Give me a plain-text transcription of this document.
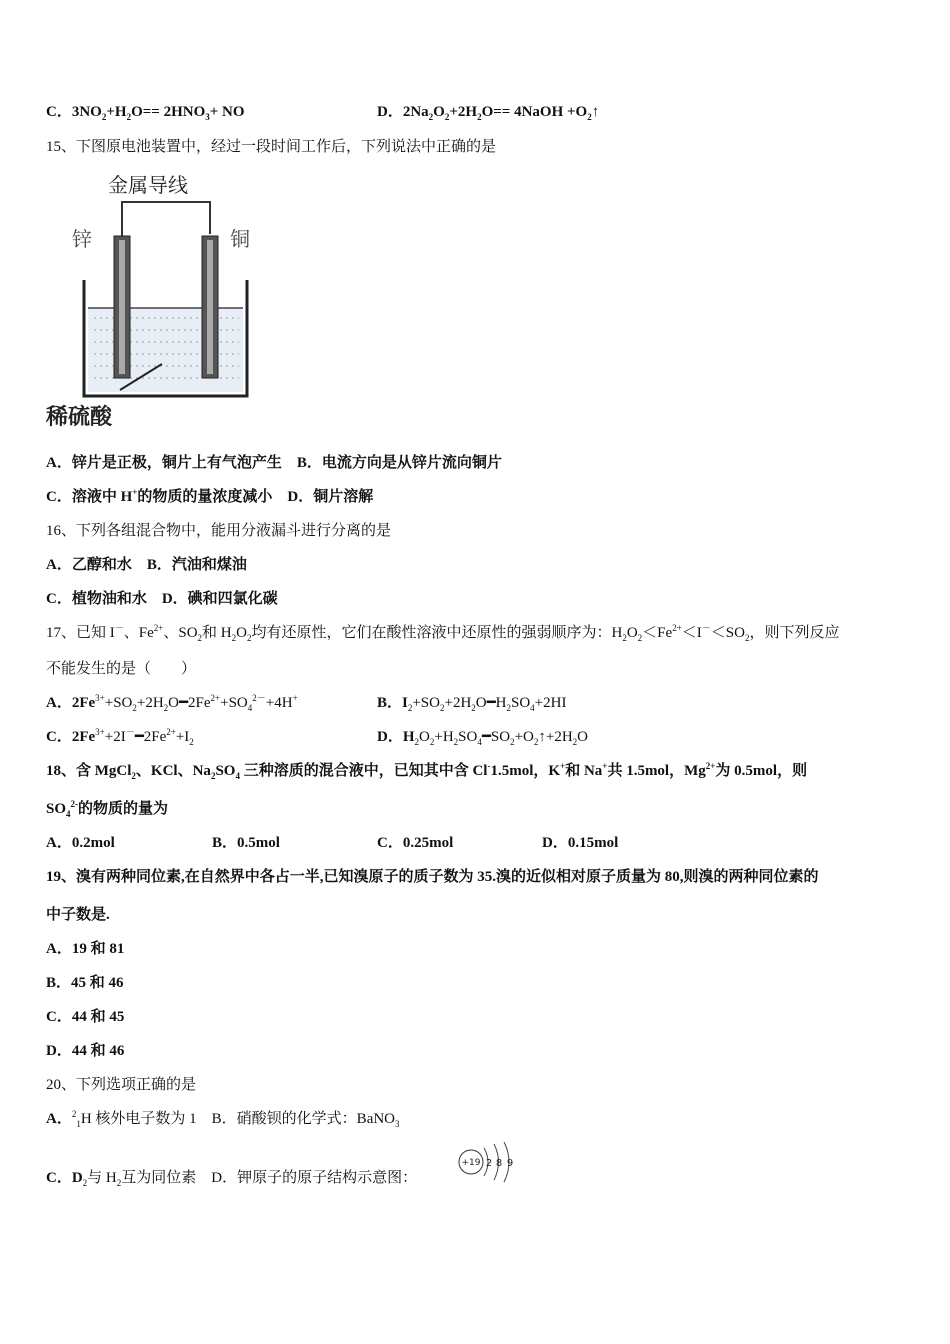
C．$3NO_2+H_2O== 2HNO_3+$ NO	D．$2Na_2O_2+2H_2O==$ 4NaOH $+O_2↑$
15、下图原电池装置中，经过一段时间工作后，下列说法中正确的是
金属导线
锌	铜
稀硫酸
A．锌片是正极，铜片上有气泡产生　B．电流方向是从锌片流向铜片
C．溶液中 H+的物质的量浓度减小　D．铜片溶解
16、下列各组混合物中，能用分液漏斗进行分离的是
A．乙醇和水　B．汽油和煤油
C．植物油和水　D．碘和四氯化碳
17、已知 I－、$Fe^{2+}$、$SO_2$和 $H_2O_2$均有还原性，它们在酸性溶液中还原性的强弱顺序为：$H_2O_2<Fe^{2+}<I^-<SO_2$，则下列反应
不能发生的是（　　）
A．$2Fe^{3+}+SO_2+2H_2O━2Fe^{2+}+SO_4^{2-}+4H^+$	B．$I_2+SO_2+2H_2O━H_2SO_4+2HI$
C．$2Fe^{3+}+2I^-━2Fe^{2+}+I_2$	D．$H_2O_2+H_2SO_4━SO_2+O_2↑+2H_2O$
18、含 MgCl$_2$、KCl、$Na_2SO_4$ 三种溶质的混合液中，已知其中含 Cl-1.5mol，K+和 Na+共 1.5mol，$Mg^{2+}$为 0.5mol，则
$SO_4^{2-}$的物质的量为
A．0.2mol	B．0.5mol	C．0.25mol	D．0.15mol
19、溴有两种同位素,在自然界中各占一半,已知溴原子的质子数为 35.溴的近似相对原子质量为 80,则溴的两种同位素的
中子数是.
A．19 和 81
B．45 和 46
C．44 和 45
D．44 和 46
20、下列选项正确的是
A．$^2_1$H 核外电子数为 1　B．硝酸钡的化学式：BaNO$_3$
C．$D_2$与 $H_2$互为同位素　D．钾原子的原子结构示意图：
+19 2 8 9
